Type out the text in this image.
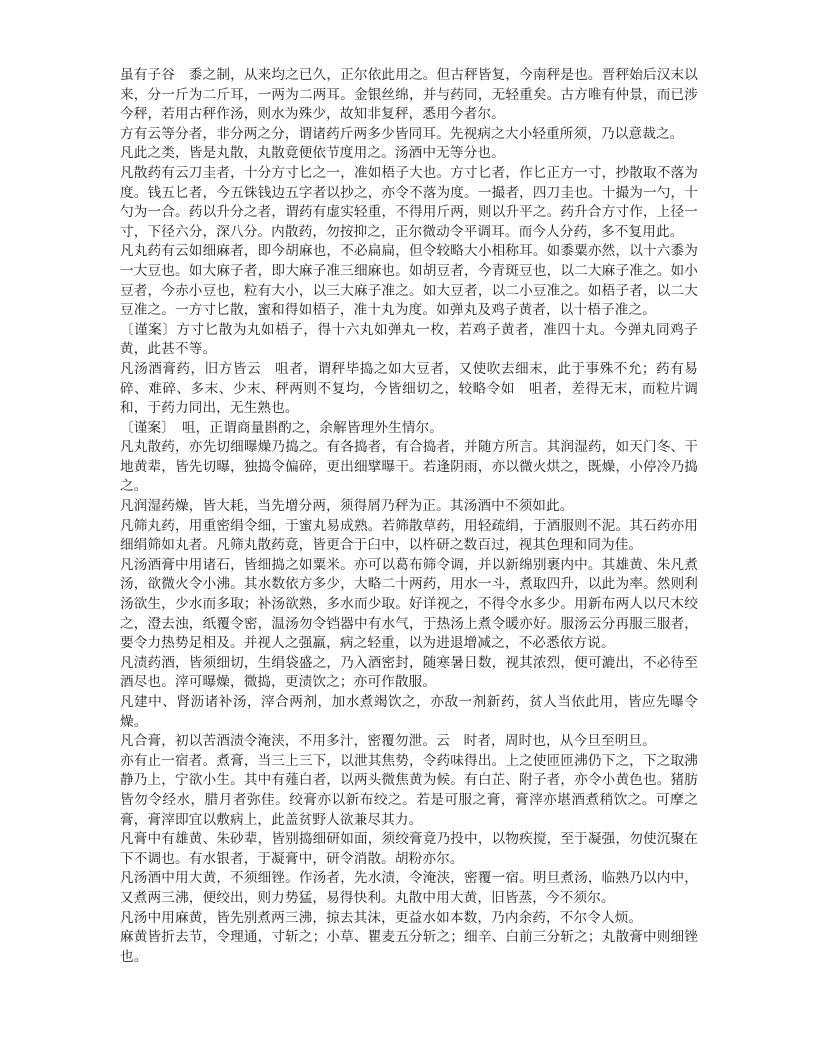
虽有子谷　黍之制，从来均之已久，正尔依此用之。但古秤皆复，今南秤是也。晋秤始后汉末以来，分一斤为二斤耳，一两为二两耳。金银丝绵，并与药同，无轻重矣。古方唯有仲景，而已涉今秤，若用古秤作汤，则水为殊少，故知非复秤，悉用今者尔。

方有云等分者，非分两之分，谓诸药斤两多少皆同耳。先视病之大小轻重所须，乃以意裁之。

凡此之类，皆是丸散，丸散竟便依节度用之。汤酒中无等分也。

凡散药有云刀圭者，十分方寸匕之一，准如梧子大也。方寸匕者，作匕正方一寸，抄散取不落为度。钱五匕者，今五铢钱边五字者以抄之，亦令不落为度。一撮者，四刀圭也。十撮为一勺，十勺为一合。药以升分之者，谓药有虚实轻重，不得用斤两，则以升平之。药升合方寸作，上径一寸，下径六分，深八分。内散药，勿按抑之，正尔微动令平调耳。而今人分药，多不复用此。

凡丸药有云如细麻者，即今胡麻也，不必扁扁，但令较略大小相称耳。如黍粟亦然，以十六黍为一大豆也。如大麻子者，即大麻子准三细麻也。如胡豆者，今青斑豆也，以二大麻子准之。如小豆者，今赤小豆也，粒有大小，以三大麻子准之。如大豆者，以二小豆准之。如梧子者，以二大豆准之。一方寸匕散，蜜和得如梧子，准十丸为度。如弹丸及鸡子黄者，以十梧子准之。

〔谨案〕方寸匕散为丸如梧子，得十六丸如弹丸一枚，若鸡子黄者，准四十丸。今弹丸同鸡子黄，此甚不等。

凡汤酒膏药，旧方皆云　咀者，谓秤毕捣之如大豆者，又使吹去细末，此于事殊不允；药有易碎、难碎、多末、少末、秤两则不复均，今皆细切之，较略令如　咀者，差得无末，而粒片调和，于药力同出，无生熟也。

〔谨案〕　咀，正谓商量斟酌之，余解皆理外生情尔。

凡丸散药，亦先切细曝燥乃捣之。有各捣者，有合捣者，并随方所言。其润湿药，如天门冬、干地黄辈，皆先切曝，独捣令偏碎，更出细擘曝干。若逢阴雨，亦以微火烘之，既燥，小停冷乃捣之。

凡润湿药燥，皆大耗，当先增分两，须得屑乃秤为正。其汤酒中不须如此。

凡筛丸药，用重密绢令细，于蜜丸易成熟。若筛散草药，用轻疏绢，于酒服则不泥。其石药亦用细绢筛如丸者。凡筛丸散药竟，皆更合于臼中，以杵研之数百过，视其色理和同为佳。

凡汤酒膏中用诸石，皆细捣之如粟米。亦可以葛布筛令调，并以新绵别裹内中。其雄黄、朱凡煮汤，欲微火令小沸。其水数依方多少，大略二十两药，用水一斗，煮取四升，以此为率。然则利汤欲生，少水而多取；补汤欲熟，多水而少取。好详视之，不得令水多少。用新布两人以尺木绞之，澄去浊，纸覆令密，温汤勿令铛器中有水气，于热汤上煮令暖亦好。服汤云分再服三服者，要令力热势足相及。并视人之强羸，病之轻重，以为进退增减之，不必悉依方说。

凡渍药酒，皆须细切，生绢袋盛之，乃入酒密封，随寒暑日数，视其浓烈，便可漉出，不必待至酒尽也。滓可曝燥，微捣，更渍饮之；亦可作散服。

凡建中、肾沥诸补汤，滓合两剂，加水煮竭饮之，亦敌一剂新药，贫人当依此用，皆应先曝令燥。

凡合膏，初以苦酒渍令淹浃，不用多汁，密覆勿泄。云　时者，周时也，从今旦至明旦。

亦有止一宿者。煮膏，当三上三下，以泄其焦势，令药味得出。上之使匝匝沸仍下之，下之取沸静乃上，宁欲小生。其中有薤白者，以两头微焦黄为候。有白芷、附子者，亦令小黄色也。猪肪皆勿令经水，腊月者弥佳。绞膏亦以新布绞之。若是可服之膏，膏滓亦堪酒煮稍饮之。可摩之膏，膏滓即宜以敷病上，此盖贫野人欲兼尽其力。

凡膏中有雄黄、朱砂辈，皆别捣细研如面，须绞膏竟乃投中，以物疾搅，至于凝强，勿使沉聚在下不调也。有水银者，于凝膏中，研令消散。胡粉亦尔。

凡汤酒中用大黄，不须细锉。作汤者，先水渍，令淹浃，密覆一宿。明旦煮汤，临熟乃以内中，又煮两三沸，便绞出，则力势猛，易得快利。丸散中用大黄，旧皆蒸，今不须尔。

凡汤中用麻黄，皆先别煮两三沸，掠去其沫，更益水如本数，乃内余药，不尔令人烦。

麻黄皆折去节，令理通，寸斩之；小草、瞿麦五分斩之；细辛、白前三分斩之；丸散膏中则细锉也。
